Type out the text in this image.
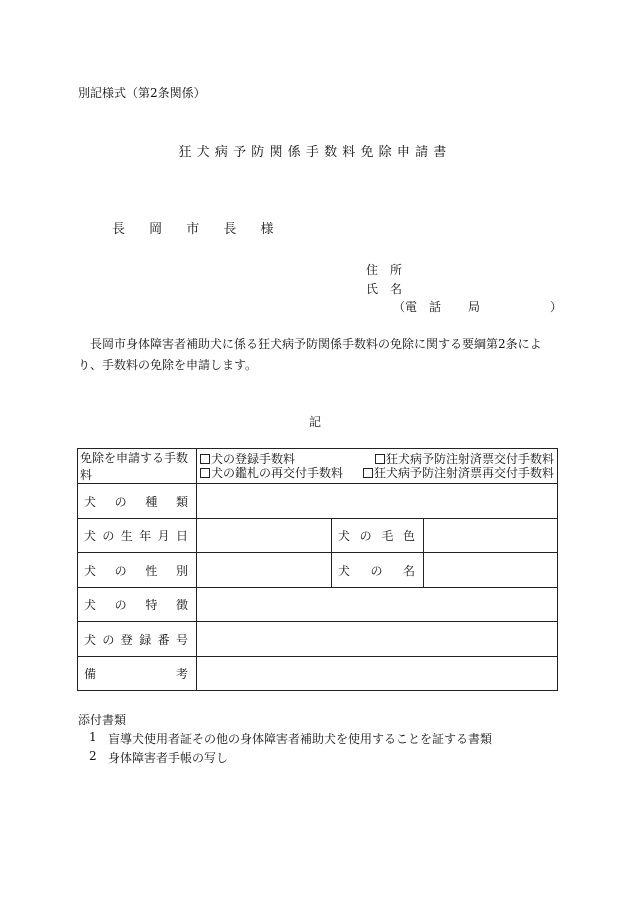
別記様式（第2条関係）
狂犬病予防関係手数料免除申請書
長 岡 市 長 様
住所
氏名
（ 電　話 局	）
長岡市身体障害者補助犬に係る狂犬病予防関係手数料の免除に関する要綱第2条により、手数料の免除を申請します。
記
免除を申請する手数料	犬の登録手数料 狂犬病予防注射済票交付手数料
犬の鑑札の再交付手数料 狂犬病予防注射済票再交付手数料		

犬の種類			
犬の生年月日		犬の毛色	
犬の性別		犬の名	
犬の特徴			
犬の登録番号			
備考			
添付書類
1 盲導犬使用者証その他の身体障害者補助犬を使用することを証する書類
2 身体障害者手帳の写し
